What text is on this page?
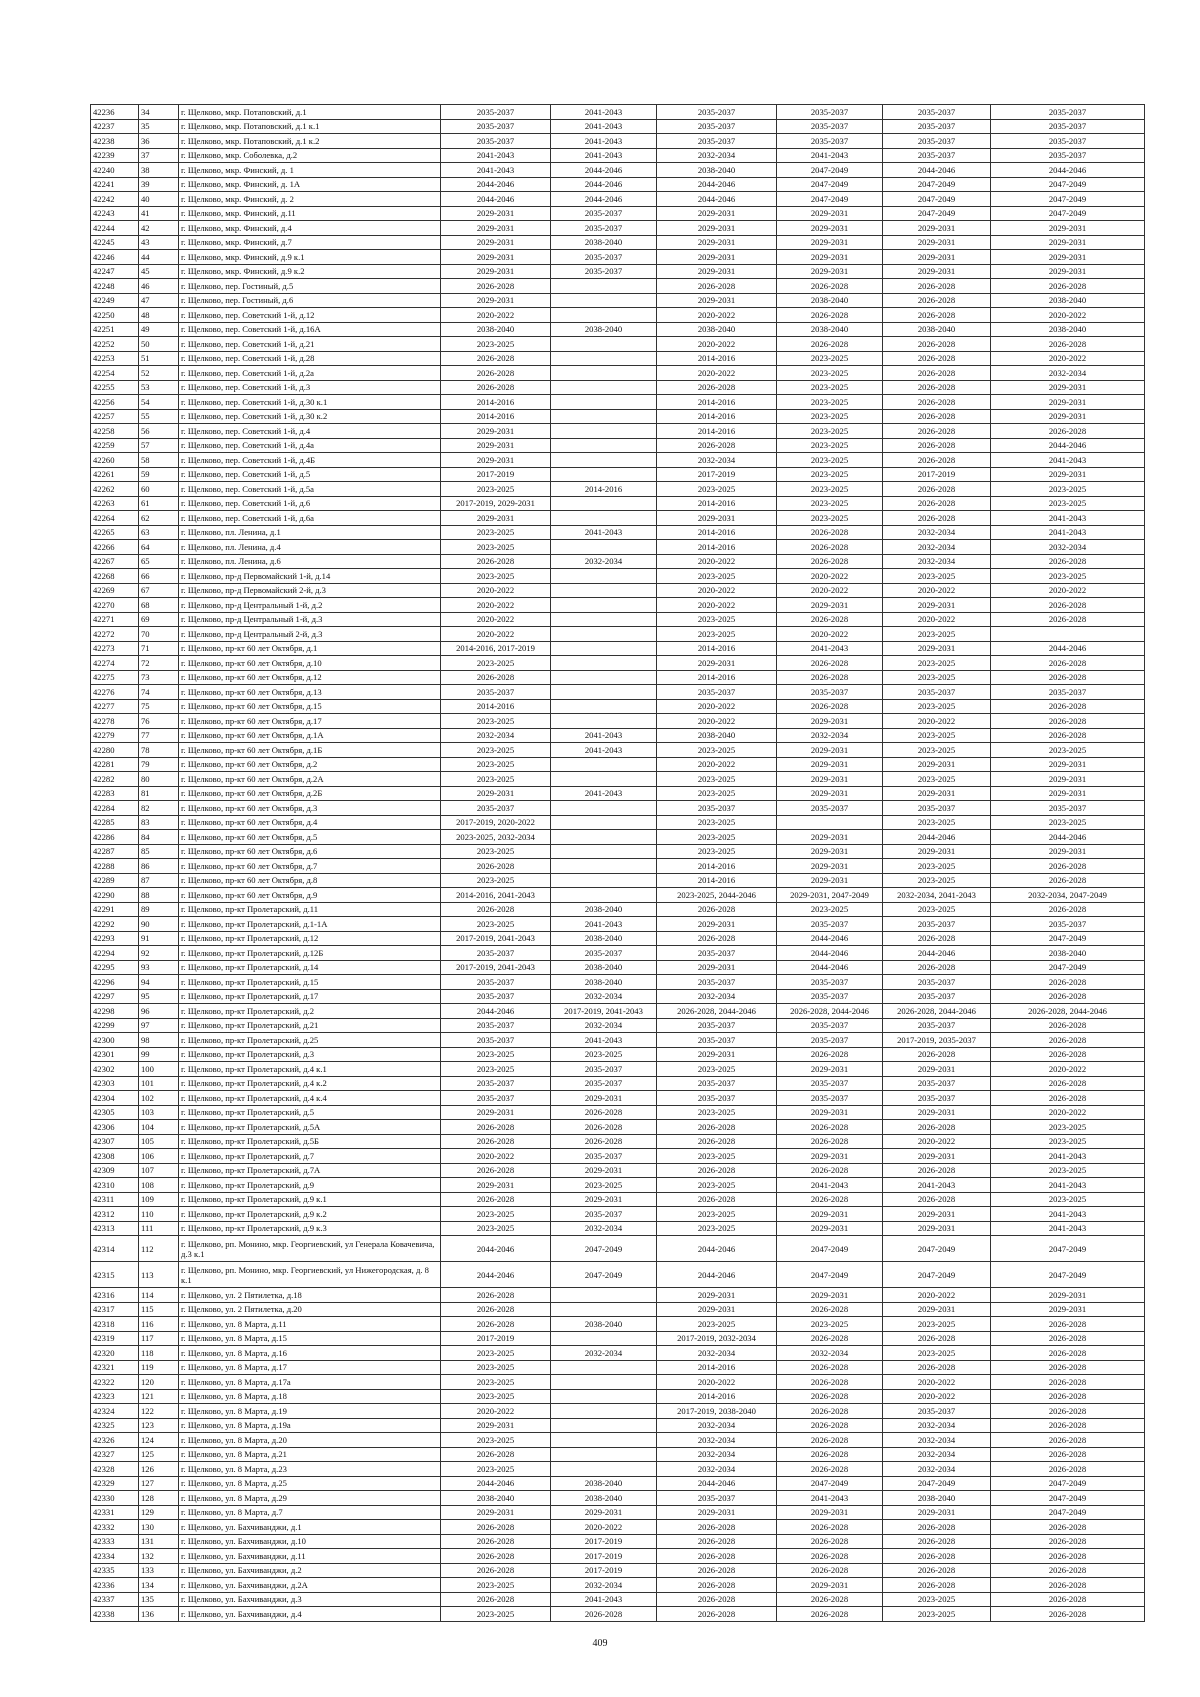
42236	34	г. Щелково, мкр. Потаповский, д.1	2035-2037	2041-2043	2035-2037	2035-2037	2035-2037	2035-2037
42237	35	г. Щелково, мкр. Потаповский, д.1 к.1	2035-2037	2041-2043	2035-2037	2035-2037	2035-2037	2035-2037
42238	36	г. Щелково, мкр. Потаповский, д.1 к.2	2035-2037	2041-2043	2035-2037	2035-2037	2035-2037	2035-2037
42239	37	г. Щелково, мкр. Соболевка, д.2	2041-2043	2041-2043	2032-2034	2041-2043	2035-2037	2035-2037
42240	38	г. Щелково, мкр. Финский, д. 1	2041-2043	2044-2046	2038-2040	2047-2049	2044-2046	2044-2046
42241	39	г. Щелково, мкр. Финский, д. 1А	2044-2046	2044-2046	2044-2046	2047-2049	2047-2049	2047-2049
42242	40	г. Щелково, мкр. Финский, д. 2	2044-2046	2044-2046	2044-2046	2047-2049	2047-2049	2047-2049
42243	41	г. Щелково, мкр. Финский, д.11	2029-2031	2035-2037	2029-2031	2029-2031	2047-2049	2047-2049
42244	42	г. Щелково, мкр. Финский, д.4	2029-2031	2035-2037	2029-2031	2029-2031	2029-2031	2029-2031
42245	43	г. Щелково, мкр. Финский, д.7	2029-2031	2038-2040	2029-2031	2029-2031	2029-2031	2029-2031
42246	44	г. Щелково, мкр. Финский, д.9 к.1	2029-2031	2035-2037	2029-2031	2029-2031	2029-2031	2029-2031
42247	45	г. Щелково, мкр. Финский, д.9 к.2	2029-2031	2035-2037	2029-2031	2029-2031	2029-2031	2029-2031
42248	46	г. Щелково, пер. Гостиный, д.5	2026-2028		2026-2028	2026-2028	2026-2028	2026-2028
42249	47	г. Щелково, пер. Гостиный, д.6	2029-2031		2029-2031	2038-2040	2026-2028	2038-2040
42250	48	г. Щелково, пер. Советский 1-й, д.12	2020-2022		2020-2022	2026-2028	2026-2028	2020-2022
42251	49	г. Щелково, пер. Советский 1-й, д.16А	2038-2040	2038-2040	2038-2040	2038-2040	2038-2040	2038-2040
42252	50	г. Щелково, пер. Советский 1-й, д.21	2023-2025		2020-2022	2026-2028	2026-2028	2026-2028
42253	51	г. Щелково, пер. Советский 1-й, д.28	2026-2028		2014-2016	2023-2025	2026-2028	2020-2022
42254	52	г. Щелково, пер. Советский 1-й, д.2а	2026-2028		2020-2022	2023-2025	2026-2028	2032-2034
42255	53	г. Щелково, пер. Советский 1-й, д.3	2026-2028		2026-2028	2023-2025	2026-2028	2029-2031
42256	54	г. Щелково, пер. Советский 1-й, д.30 к.1	2014-2016		2014-2016	2023-2025	2026-2028	2029-2031
42257	55	г. Щелково, пер. Советский 1-й, д.30 к.2	2014-2016		2014-2016	2023-2025	2026-2028	2029-2031
42258	56	г. Щелково, пер. Советский 1-й, д.4	2029-2031		2014-2016	2023-2025	2026-2028	2026-2028
42259	57	г. Щелково, пер. Советский 1-й, д.4а	2029-2031		2026-2028	2023-2025	2026-2028	2044-2046
42260	58	г. Щелково, пер. Советский 1-й, д.4Б	2029-2031		2032-2034	2023-2025	2026-2028	2041-2043
42261	59	г. Щелково, пер. Советский 1-й, д.5	2017-2019		2017-2019	2023-2025	2017-2019	2029-2031
42262	60	г. Щелково, пер. Советский 1-й, д.5а	2023-2025	2014-2016	2023-2025	2023-2025	2026-2028	2023-2025
42263	61	г. Щелково, пер. Советский 1-й, д.6	2017-2019, 2029-2031		2014-2016	2023-2025	2026-2028	2023-2025
42264	62	г. Щелково, пер. Советский 1-й, д.6а	2029-2031		2029-2031	2023-2025	2026-2028	2041-2043
42265	63	г. Щелково, пл. Ленина, д.1	2023-2025	2041-2043	2014-2016	2026-2028	2032-2034	2041-2043
42266	64	г. Щелково, пл. Ленина, д.4	2023-2025		2014-2016	2026-2028	2032-2034	2032-2034
42267	65	г. Щелково, пл. Ленина, д.6	2026-2028	2032-2034	2020-2022	2026-2028	2032-2034	2026-2028
42268	66	г. Щелково, пр-д Первомайский 1-й, д.14	2023-2025		2023-2025	2020-2022	2023-2025	2023-2025
42269	67	г. Щелково, пр-д Первомайский 2-й, д.3	2020-2022		2020-2022	2020-2022	2020-2022	2020-2022
42270	68	г. Щелково, пр-д Центральный 1-й, д.2	2020-2022		2020-2022	2029-2031	2029-2031	2026-2028
42271	69	г. Щелково, пр-д Центральный 1-й, д.3	2020-2022		2023-2025	2026-2028	2020-2022	2026-2028
42272	70	г. Щелково, пр-д Центральный 2-й, д.3	2020-2022		2023-2025	2020-2022	2023-2025	
42273	71	г. Щелково, пр-кт 60 лет Октября, д.1	2014-2016, 2017-2019		2014-2016	2041-2043	2029-2031	2044-2046
42274	72	г. Щелково, пр-кт 60 лет Октября, д.10	2023-2025		2029-2031	2026-2028	2023-2025	2026-2028
42275	73	г. Щелково, пр-кт 60 лет Октября, д.12	2026-2028		2014-2016	2026-2028	2023-2025	2026-2028
42276	74	г. Щелково, пр-кт 60 лет Октября, д.13	2035-2037		2035-2037	2035-2037	2035-2037	2035-2037
42277	75	г. Щелково, пр-кт 60 лет Октября, д.15	2014-2016		2020-2022	2026-2028	2023-2025	2026-2028
42278	76	г. Щелково, пр-кт 60 лет Октября, д.17	2023-2025		2020-2022	2029-2031	2020-2022	2026-2028
42279	77	г. Щелково, пр-кт 60 лет Октября, д.1А	2032-2034	2041-2043	2038-2040	2032-2034	2023-2025	2026-2028
42280	78	г. Щелково, пр-кт 60 лет Октября, д.1Б	2023-2025	2041-2043	2023-2025	2029-2031	2023-2025	2023-2025
42281	79	г. Щелково, пр-кт 60 лет Октября, д.2	2023-2025		2020-2022	2029-2031	2029-2031	2029-2031
42282	80	г. Щелково, пр-кт 60 лет Октября, д.2А	2023-2025		2023-2025	2029-2031	2023-2025	2029-2031
42283	81	г. Щелково, пр-кт 60 лет Октября, д.2Б	2029-2031	2041-2043	2023-2025	2029-2031	2029-2031	2029-2031
42284	82	г. Щелково, пр-кт 60 лет Октября, д.3	2035-2037		2035-2037	2035-2037	2035-2037	2035-2037
42285	83	г. Щелково, пр-кт 60 лет Октября, д.4	2017-2019, 2020-2022		2023-2025		2023-2025	2023-2025
42286	84	г. Щелково, пр-кт 60 лет Октября, д.5	2023-2025, 2032-2034		2023-2025	2029-2031	2044-2046	2044-2046
42287	85	г. Щелково, пр-кт 60 лет Октября, д.6	2023-2025		2023-2025	2029-2031	2029-2031	2029-2031
42288	86	г. Щелково, пр-кт 60 лет Октября, д.7	2026-2028		2014-2016	2029-2031	2023-2025	2026-2028
42289	87	г. Щелково, пр-кт 60 лет Октября, д.8	2023-2025		2014-2016	2029-2031	2023-2025	2026-2028
42290	88	г. Щелково, пр-кт 60 лет Октября, д.9	2014-2016, 2041-2043		2023-2025, 2044-2046	2029-2031, 2047-2049	2032-2034, 2041-2043	2032-2034, 2047-2049
42291	89	г. Щелково, пр-кт Пролетарский, д.11	2026-2028	2038-2040	2026-2028	2023-2025	2023-2025	2026-2028
42292	90	г. Щелково, пр-кт Пролетарский, д.1-1А	2023-2025	2041-2043	2029-2031	2035-2037	2035-2037	2035-2037
42293	91	г. Щелково, пр-кт Пролетарский, д.12	2017-2019, 2041-2043	2038-2040	2026-2028	2044-2046	2026-2028	2047-2049
42294	92	г. Щелково, пр-кт Пролетарский, д.12Б	2035-2037	2035-2037	2035-2037	2044-2046	2044-2046	2038-2040
42295	93	г. Щелково, пр-кт Пролетарский, д.14	2017-2019, 2041-2043	2038-2040	2029-2031	2044-2046	2026-2028	2047-2049
42296	94	г. Щелково, пр-кт Пролетарский, д.15	2035-2037	2038-2040	2035-2037	2035-2037	2035-2037	2026-2028
42297	95	г. Щелково, пр-кт Пролетарский, д.17	2035-2037	2032-2034	2032-2034	2035-2037	2035-2037	2026-2028
42298	96	г. Щелково, пр-кт Пролетарский, д.2	2044-2046	2017-2019, 2041-2043	2026-2028, 2044-2046	2026-2028, 2044-2046	2026-2028, 2044-2046	2026-2028, 2044-2046
42299	97	г. Щелково, пр-кт Пролетарский, д.21	2035-2037	2032-2034	2035-2037	2035-2037	2035-2037	2026-2028
42300	98	г. Щелково, пр-кт Пролетарский, д.25	2035-2037	2041-2043	2035-2037	2035-2037	2017-2019, 2035-2037	2026-2028
42301	99	г. Щелково, пр-кт Пролетарский, д.3	2023-2025	2023-2025	2029-2031	2026-2028	2026-2028	2026-2028
42302	100	г. Щелково, пр-кт Пролетарский, д.4 к.1	2023-2025	2035-2037	2023-2025	2029-2031	2029-2031	2020-2022
42303	101	г. Щелково, пр-кт Пролетарский, д.4 к.2	2035-2037	2035-2037	2035-2037	2035-2037	2035-2037	2026-2028
42304	102	г. Щелково, пр-кт Пролетарский, д.4 к.4	2035-2037	2029-2031	2035-2037	2035-2037	2035-2037	2026-2028
42305	103	г. Щелково, пр-кт Пролетарский, д.5	2029-2031	2026-2028	2023-2025	2029-2031	2029-2031	2020-2022
42306	104	г. Щелково, пр-кт Пролетарский, д.5А	2026-2028	2026-2028	2026-2028	2026-2028	2026-2028	2023-2025
42307	105	г. Щелково, пр-кт Пролетарский, д.5Б	2026-2028	2026-2028	2026-2028	2026-2028	2020-2022	2023-2025
42308	106	г. Щелково, пр-кт Пролетарский, д.7	2020-2022	2035-2037	2023-2025	2029-2031	2029-2031	2041-2043
42309	107	г. Щелково, пр-кт Пролетарский, д.7А	2026-2028	2029-2031	2026-2028	2026-2028	2026-2028	2023-2025
42310	108	г. Щелково, пр-кт Пролетарский, д.9	2029-2031	2023-2025	2023-2025	2041-2043	2041-2043	2041-2043
42311	109	г. Щелково, пр-кт Пролетарский, д.9 к.1	2026-2028	2029-2031	2026-2028	2026-2028	2026-2028	2023-2025
42312	110	г. Щелково, пр-кт Пролетарский, д.9 к.2	2023-2025	2035-2037	2023-2025	2029-2031	2029-2031	2041-2043
42313	111	г. Щелково, пр-кт Пролетарский, д.9 к.3	2023-2025	2032-2034	2023-2025	2029-2031	2029-2031	2041-2043
42314	112	г. Щелково, рп. Монино, мкр. Георгиевский, ул Генерала Ковачевича, д.3 к.1	2044-2046	2047-2049	2044-2046	2047-2049	2047-2049	2047-2049
42315	113	г. Щелково, рп. Монино, мкр. Георгиевский, ул Нижегородская, д. 8 к.1	2044-2046	2047-2049	2044-2046	2047-2049	2047-2049	2047-2049
42316	114	г. Щелково, ул. 2 Пятилетка, д.18	2026-2028		2029-2031	2029-2031	2020-2022	2029-2031
42317	115	г. Щелково, ул. 2 Пятилетка, д.20	2026-2028		2029-2031	2026-2028	2029-2031	2029-2031
42318	116	г. Щелково, ул. 8 Марта, д.11	2026-2028	2038-2040	2023-2025	2023-2025	2023-2025	2026-2028
42319	117	г. Щелково, ул. 8 Марта, д.15	2017-2019		2017-2019, 2032-2034	2026-2028	2026-2028	2026-2028
42320	118	г. Щелково, ул. 8 Марта, д.16	2023-2025	2032-2034	2032-2034	2032-2034	2023-2025	2026-2028
42321	119	г. Щелково, ул. 8 Марта, д.17	2023-2025		2014-2016	2026-2028	2026-2028	2026-2028
42322	120	г. Щелково, ул. 8 Марта, д.17а	2023-2025		2020-2022	2026-2028	2020-2022	2026-2028
42323	121	г. Щелково, ул. 8 Марта, д.18	2023-2025		2014-2016	2026-2028	2020-2022	2026-2028
42324	122	г. Щелково, ул. 8 Марта, д.19	2020-2022		2017-2019, 2038-2040	2026-2028	2035-2037	2026-2028
42325	123	г. Щелково, ул. 8 Марта, д.19а	2029-2031		2032-2034	2026-2028	2032-2034	2026-2028
42326	124	г. Щелково, ул. 8 Марта, д.20	2023-2025		2032-2034	2026-2028	2032-2034	2026-2028
42327	125	г. Щелково, ул. 8 Марта, д.21	2026-2028		2032-2034	2026-2028	2032-2034	2026-2028
42328	126	г. Щелково, ул. 8 Марта, д.23	2023-2025		2032-2034	2026-2028	2032-2034	2026-2028
42329	127	г. Щелково, ул. 8 Марта, д.25	2044-2046	2038-2040	2044-2046	2047-2049	2047-2049	2047-2049
42330	128	г. Щелково, ул. 8 Марта, д.29	2038-2040	2038-2040	2035-2037	2041-2043	2038-2040	2047-2049
42331	129	г. Щелково, ул. 8 Марта, д.7	2029-2031	2029-2031	2029-2031	2029-2031	2029-2031	2047-2049
42332	130	г. Щелково, ул. Бахчиванджи, д.1	2026-2028	2020-2022	2026-2028	2026-2028	2026-2028	2026-2028
42333	131	г. Щелково, ул. Бахчиванджи, д.10	2026-2028	2017-2019	2026-2028	2026-2028	2026-2028	2026-2028
42334	132	г. Щелково, ул. Бахчиванджи, д.11	2026-2028	2017-2019	2026-2028	2026-2028	2026-2028	2026-2028
42335	133	г. Щелково, ул. Бахчиванджи, д.2	2026-2028	2017-2019	2026-2028	2026-2028	2026-2028	2026-2028
42336	134	г. Щелково, ул. Бахчиванджи, д.2А	2023-2025	2032-2034	2026-2028	2029-2031	2026-2028	2026-2028
42337	135	г. Щелково, ул. Бахчиванджи, д.3	2026-2028	2041-2043	2026-2028	2026-2028	2023-2025	2026-2028
42338	136	г. Щелково, ул. Бахчиванджи, д.4	2023-2025	2026-2028	2026-2028	2026-2028	2023-2025	2026-2028
409
